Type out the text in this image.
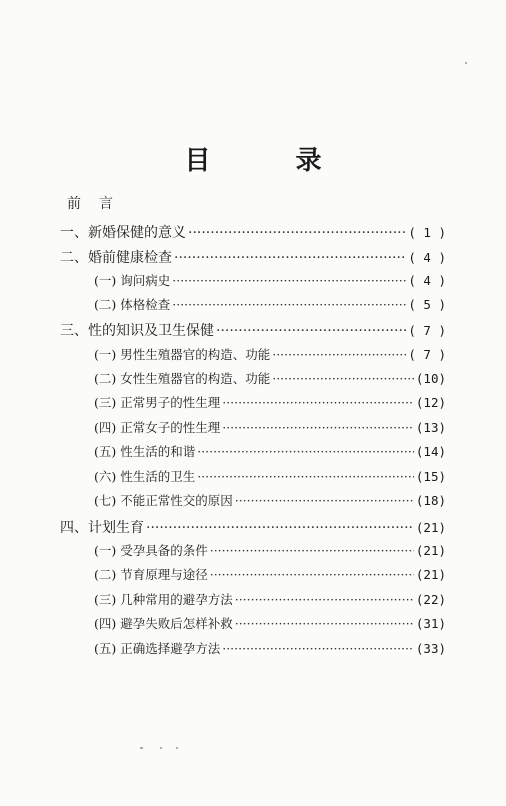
目 录
前言
一、新婚保健的意义 ·····	( 1 )
二、婚前健康检查 ·····	( 4 )
(一) 询问病史 ·····	( 4 )
(二) 体格检查 ·····	( 5 )
三、性的知识及卫生保健 ·····	( 7 )
(一) 男性生殖器官的构造、功能 ·····	( 7 )
(二) 女性生殖器官的构造、功能 ·····	(10)
(三) 正常男子的性生理 ·····	(12)
(四) 正常女子的性生理 ·····	(13)
(五) 性生活的和谐 ·····	(14)
(六) 性生活的卫生 ·····	(15)
(七) 不能正常性交的原因 ·····	(18)
四、计划生育 ·····	(21)
(一) 受孕具备的条件 ·····	(21)
(二) 节育原理与途径 ·····	(21)
(三) 几种常用的避孕方法 ·····	(22)
(四) 避孕失败后怎样补救 ·····	(31)
(五) 正确选择避孕方法 ·····	(33)
